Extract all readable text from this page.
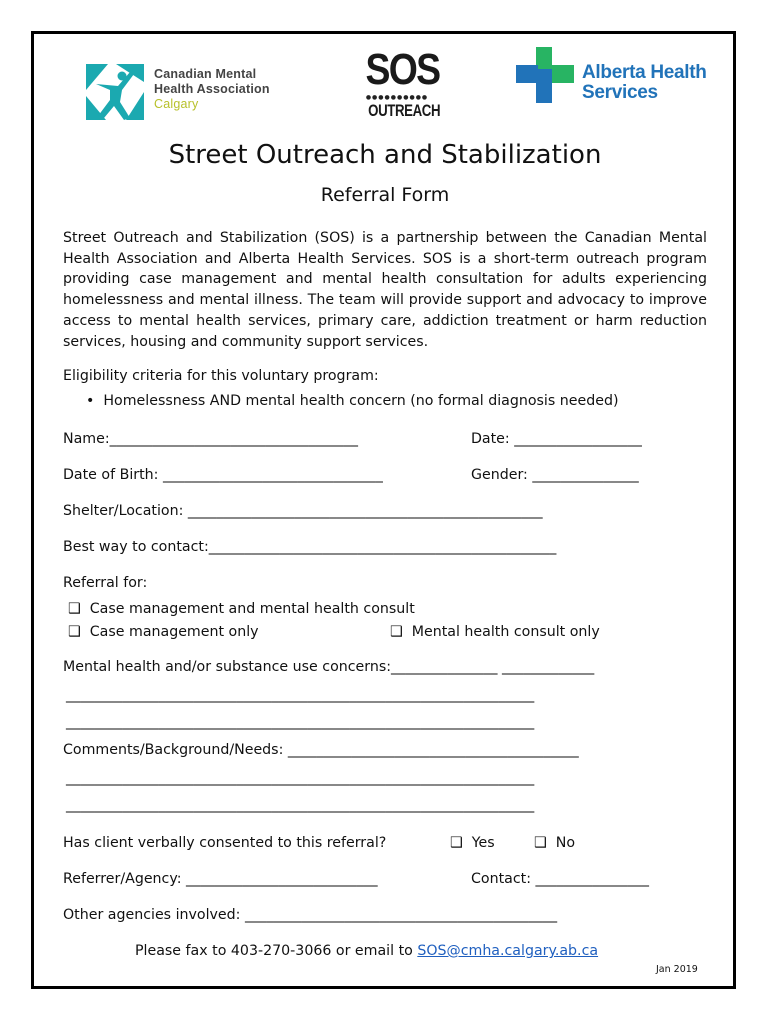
Canadian Mental
Health Association
Calgary
SOS
●●●●●●●●●●
OUTREACH
Alberta Health
Services
Street Outreach and Stabilization
Referral Form
Street Outreach and Stabilization (SOS) is a partnership between the Canadian Mental Health Association and Alberta Health Services. SOS is a short-term outreach program providing case management and mental health consultation for adults experiencing homelessness and mental illness. The team will provide support and advocacy to improve access to mental health services, primary care, addiction treatment or harm reduction services, housing and community support services.
Eligibility criteria for this voluntary program:
•  Homelessness AND mental health concern (no formal diagnosis needed)
Name:___________________________________	Date: __________________
Date of Birth: _______________________________	Gender: _______________
Shelter/Location: __________________________________________________
Best way to contact:_________________________________________________
Referral for:
❑ Case management and mental health consult
❑ Case management only	❑ Mental health consult only
Mental health and/or substance use concerns:_______________ _____________
__________________________________________________________________
__________________________________________________________________
Comments/Background/Needs: _________________________________________
__________________________________________________________________
__________________________________________________________________
Has client verbally consented to this referral?	❑ Yes	❑ No
Referrer/Agency: ___________________________	Contact: ________________
Other agencies involved: ____________________________________________
Please fax to 403-270-3066 or email to SOS@cmha.calgary.ab.ca
Jan 2019
